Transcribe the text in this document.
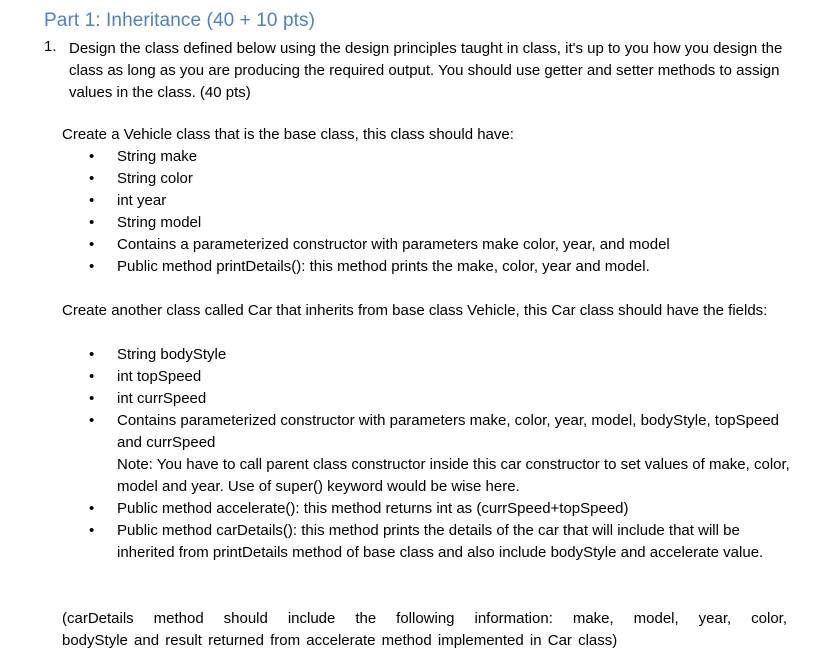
Part 1: Inheritance (40 + 10 pts)
1. Design the class defined below using the design principles taught in class, it's up to you how you design the class as long as you are producing the required output. You should use getter and setter methods to assign values in the class. (40 pts)
Create a Vehicle class that is the base class, this class should have:
• String make
• String color
• int year
• String model
• Contains a parameterized constructor with parameters make color, year, and model
• Public method printDetails(): this method prints the make, color, year and model.
Create another class called Car that inherits from base class Vehicle, this Car class should have the fields:
• String bodyStyle
• int topSpeed
• int currSpeed
• Contains parameterized constructor with parameters make, color, year, model, bodyStyle, topSpeed and currSpeed
Note: You have to call parent class constructor inside this car constructor to set values of make, color, model and year. Use of super() keyword would be wise here.
• Public method accelerate(): this method returns int as (currSpeed+topSpeed)
• Public method carDetails(): this method prints the details of the car that will include that will be inherited from printDetails method of base class and also include bodyStyle and accelerate value.
(carDetails method should include the following information: make, model, year, color,
bodyStyle and result returned from accelerate method implemented in Car class)
